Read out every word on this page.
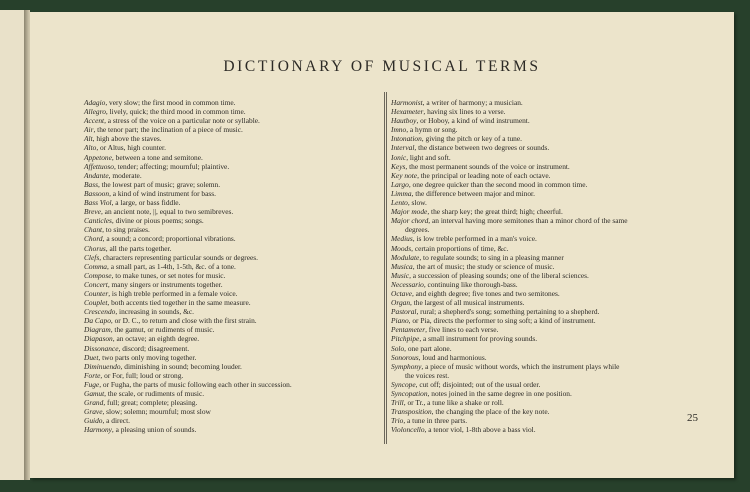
DICTIONARY OF MUSICAL TERMS
Adagio, very slow; the first mood in common time.
Allegro, lively, quick; the third mood in common time.
Accent, a stress of the voice on a particular note or syllable.
Air, the tenor part; the inclination of a piece of music.
Alt, high above the staves.
Alto, or Altus, high counter.
Appetone, between a tone and semitone.
Affettuoso, tender; affecting; mournful; plaintive.
Andante, moderate.
Bass, the lowest part of music; grave; solemn.
Bassoon, a kind of wind instrument for bass.
Bass Viol, a large, or bass fiddle.
Breve, an ancient note, ||, equal to two semibreves.
Canticles, divine or pious poems; songs.
Chant, to sing praises.
Chord, a sound; a concord; proportional vibrations.
Chorus, all the parts together.
Clefs, characters representing particular sounds or degrees.
Comma, a small part, as 1-4th, 1-5th, &c. of a tone.
Compose, to make tunes, or set notes for music.
Concert, many singers or instruments together.
Counter, is high treble performed in a female voice.
Couplet, both accents tied together in the same measure.
Crescendo, increasing in sounds, &c.
Da Capo, or D. C., to return and close with the first strain.
Diagram, the gamut, or rudiments of music.
Diapason, an octave; an eighth degree.
Dissonance, discord; disagreement.
Duet, two parts only moving together.
Diminuendo, diminishing in sound; becoming louder.
Forte, or For, full; loud or strong.
Fuge, or Fugha, the parts of music following each other in succession.
Gamut, the scale, or rudiments of music.
Grand, full; great; complete; pleasing.
Grave, slow; solemn; mournful; most slow
Guido, a direct.
Harmony, a pleasing union of sounds.
Harmonist, a writer of harmony; a musician.
Hexameter, having six lines to a verse.
Hautboy, or Hoboy, a kind of wind instrument.
Imno, a hymn or song.
Intonation, giving the pitch or key of a tune.
Interval, the distance between two degrees or sounds.
Ionic, light and soft.
Keys, the most permanent sounds of the voice or instrument.
Key note, the principal or leading note of each octave.
Largo, one degree quicker than the second mood in common time.
Limma, the difference between major and minor.
Lento, slow.
Major mode, the sharp key; the great third; high; cheerful.
Major chord, an interval having more semitones than a minor chord of the same
degrees.
Medius, is low treble performed in a man's voice.
Moods, certain proportions of time, &c.
Modulate, to regulate sounds; to sing in a pleasing manner
Musica, the art of music; the study or science of music.
Music, a succession of pleasing sounds; one of the liberal sciences.
Necessario, continuing like thorough-bass.
Octave, and eighth degree; five tones and two semitones.
Organ, the largest of all musical instruments.
Pastoral, rural; a shepherd's song; something pertaining to a shepherd.
Piano, or Pia, directs the performer to sing soft; a kind of instrument.
Pentameter, five lines to each verse.
Pitchpipe, a small instrument for proving sounds.
Solo, one part alone.
Sonorous, loud and harmonious.
Symphony, a piece of music without words, which the instrument plays while
the voices rest.
Syncope, cut off; disjointed; out of the usual order.
Syncopation, notes joined in the same degree in one position.
Trill, or Tr., a tune like a shake or roll.
Transposition, the changing the place of the key note.
Trio, a tune in three parts.
Violoncello, a tenor viol, 1-8th above a bass viol.
25
